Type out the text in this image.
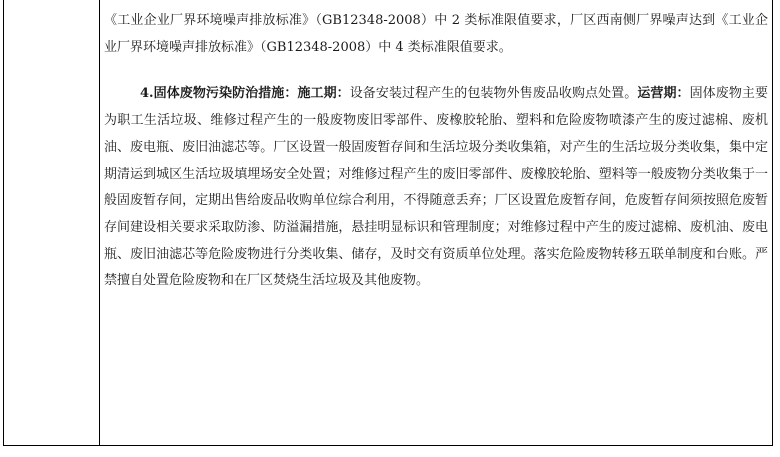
《工业企业厂界环境噪声排放标准》（GB12348-2008）中 2 类标准限值要求，厂区西南侧厂界噪声达到《工业企业厂界环境噪声排放标准》（GB12348-2008）中 4 类标准限值要求。

4.固体废物污染防治措施：施工期：设备安装过程产生的包装物外售废品收购点处置。运营期：固体废物主要为职工生活垃圾、维修过程产生的一般废物废旧零部件、废橡胶轮胎、塑料和危险废物喷漆产生的废过滤棉、废机油、废电瓶、废旧油滤芯等。厂区设置一般固废暂存间和生活垃圾分类收集箱，对产生的生活垃圾分类收集，集中定期清运到城区生活垃圾填埋场安全处置；对维修过程产生的废旧零部件、废橡胶轮胎、塑料等一般废物分类收集于一般固废暂存间，定期出售给废品收购单位综合利用，不得随意丢弃；厂区设置危废暂存间，危废暂存间须按照危废暂存间建设相关要求采取防渗、防溢漏措施，悬挂明显标识和管理制度；对维修过程中产生的废过滤棉、废机油、废电瓶、废旧油滤芯等危险废物进行分类收集、储存，及时交有资质单位处理。落实危险废物转移五联单制度和台账。严禁擅自处置危险废物和在厂区焚烧生活垃圾及其他废物。
